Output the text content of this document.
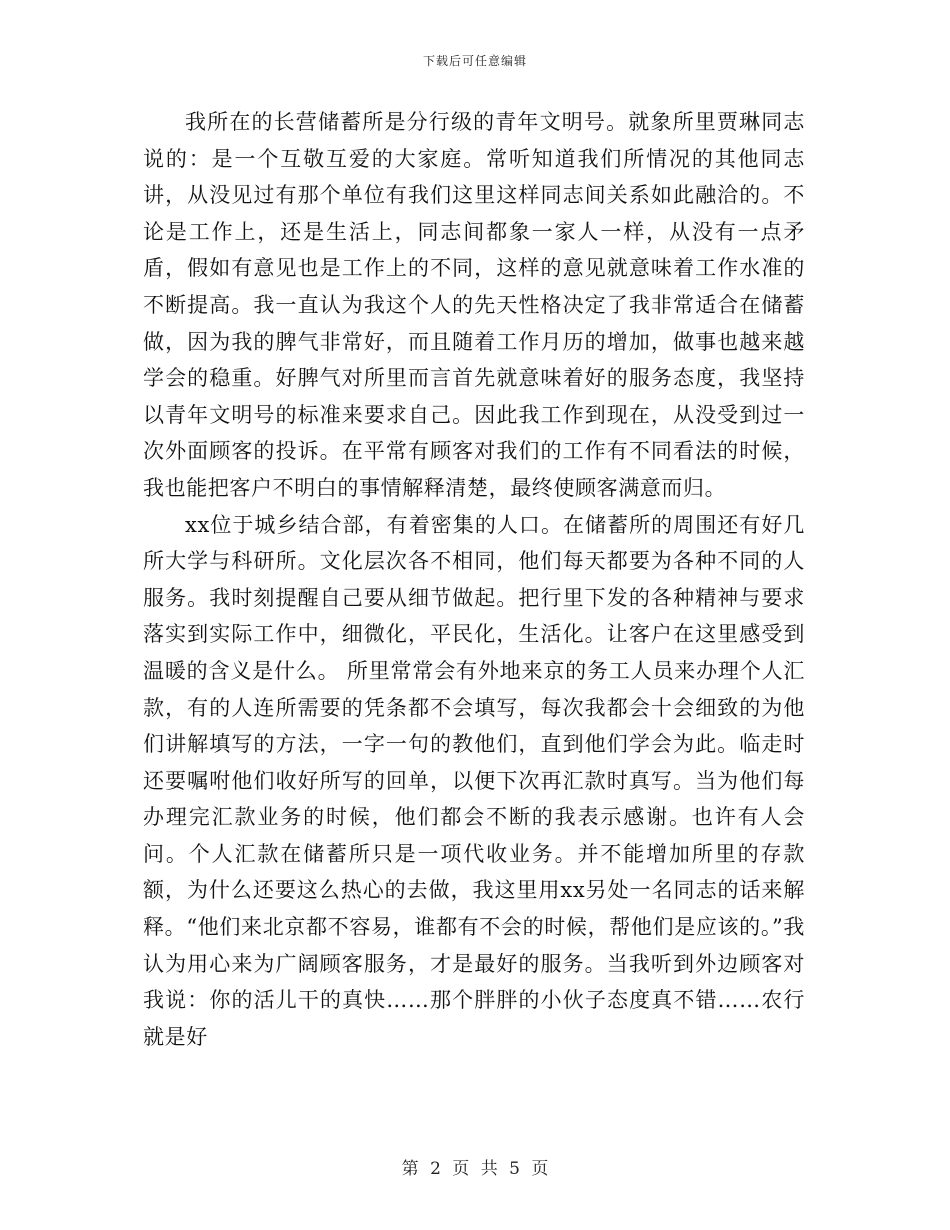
下载后可任意编辑

我所在的长营储蓄所是分行级的青年文明号。就象所里贾琳同志说的：是一个互敬互爱的大家庭。常听知道我们所情况的其他同志讲，从没见过有那个单位有我们这里这样同志间关系如此融洽的。不论是工作上，还是生活上，同志间都象一家人一样，从没有一点矛盾，假如有意见也是工作上的不同，这样的意见就意味着工作水准的不断提高。我一直认为我这个人的先天性格决定了我非常适合在储蓄做，因为我的脾气非常好，而且随着工作月历的增加，做事也越来越学会的稳重。好脾气对所里而言首先就意味着好的服务态度，我坚持以青年文明号的标准来要求自己。因此我工作到现在，从没受到过一次外面顾客的投诉。在平常有顾客对我们的工作有不同看法的时候，我也能把客户不明白的事情解释清楚，最终使顾客满意而归。

xx位于城乡结合部，有着密集的人口。在储蓄所的周围还有好几所大学与科研所。文化层次各不相同，他们每天都要为各种不同的人服务。我时刻提醒自己要从细节做起。把行里下发的各种精神与要求落实到实际工作中，细微化，平民化，生活化。让客户在这里感受到温暖的含义是什么。 所里常常会有外地来京的务工人员来办理个人汇款，有的人连所需要的凭条都不会填写，每次我都会十会细致的为他们讲解填写的方法，一字一句的教他们，直到他们学会为此。临走时还要嘱咐他们收好所写的回单，以便下次再汇款时真写。当为他们每办理完汇款业务的时候，他们都会不断的我表示感谢。也许有人会问。个人汇款在储蓄所只是一项代收业务。并不能增加所里的存款额，为什么还要这么热心的去做，我这里用xx另处一名同志的话来解释。“他们来北京都不容易，谁都有不会的时候，帮他们是应该的。”我认为用心来为广阔顾客服务，才是最好的服务。当我听到外边顾客对我说：你的活儿干的真快……那个胖胖的小伙子态度真不错……农行就是好

第 2 页 共 5 页
